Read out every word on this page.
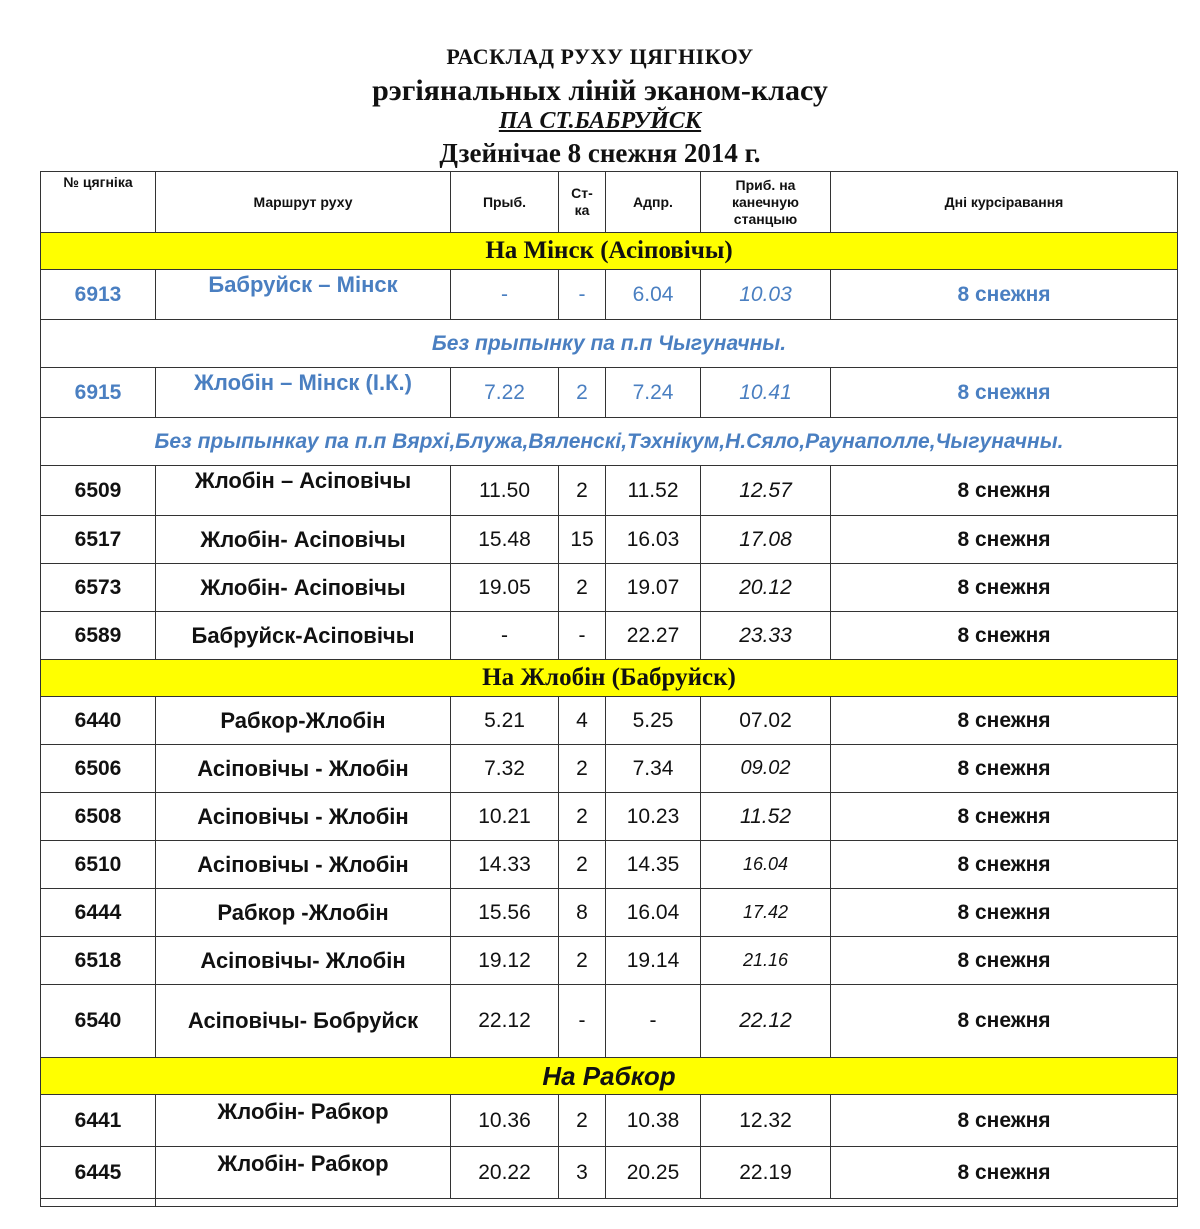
РАСКЛАД РУХУ ЦЯГНІКОУ
рэгіянальных ліній эканом-класу
ПА СТ.БАБРУЙСК
Дзейнічае 8 снежня 2014 г.
№ цягніка	Маршрут руху	Прыб.	Ст-ка	Адпр.	Приб. на канечную станцыю	Дні курсіравання
На Мінск (Асіповічы)						
6913	Бабруйск – Мінск	-	-	6.04	10.03	8 снежня
Без прыпынку па п.п Чыгуначны.						
6915	Жлобін – Мінск (І.К.)	7.22	2	7.24	10.41	8 снежня
Без прыпынкау па п.п Вярхі,Блужа,Вяленскі,Тэхнікум,Н.Сяло,Раунаполле,Чыгуначны.						
6509	Жлобін – Асіповічы	11.50	2	11.52	12.57	8 снежня
6517	Жлобін- Асіповічы	15.48	15	16.03	17.08	8 снежня
6573	Жлобін- Асіповічы	19.05	2	19.07	20.12	8 снежня
6589	Бабруйск-Асіповічы	-	-	22.27	23.33	8 снежня
На Жлобін (Бабруйск)						
6440	Рабкор-Жлобін	5.21	4	5.25	07.02	8 снежня
6506	Асіповічы - Жлобін	7.32	2	7.34	09.02	8 снежня
6508	Асіповічы - Жлобін	10.21	2	10.23	11.52	8 снежня
6510	Асіповічы - Жлобін	14.33	2	14.35	16.04	8 снежня
6444	Рабкор -Жлобін	15.56	8	16.04	17.42	8 снежня
6518	Асіповічы- Жлобін	19.12	2	19.14	21.16	8 снежня
6540	Асіповічы- Бобруйск	22.12	-	-	22.12	8 снежня
На Рабкор						
6441	Жлобін- Рабкор	10.36	2	10.38	12.32	8 снежня
6445	Жлобін- Рабкор	20.22	3	20.25	22.19	8 снежня
